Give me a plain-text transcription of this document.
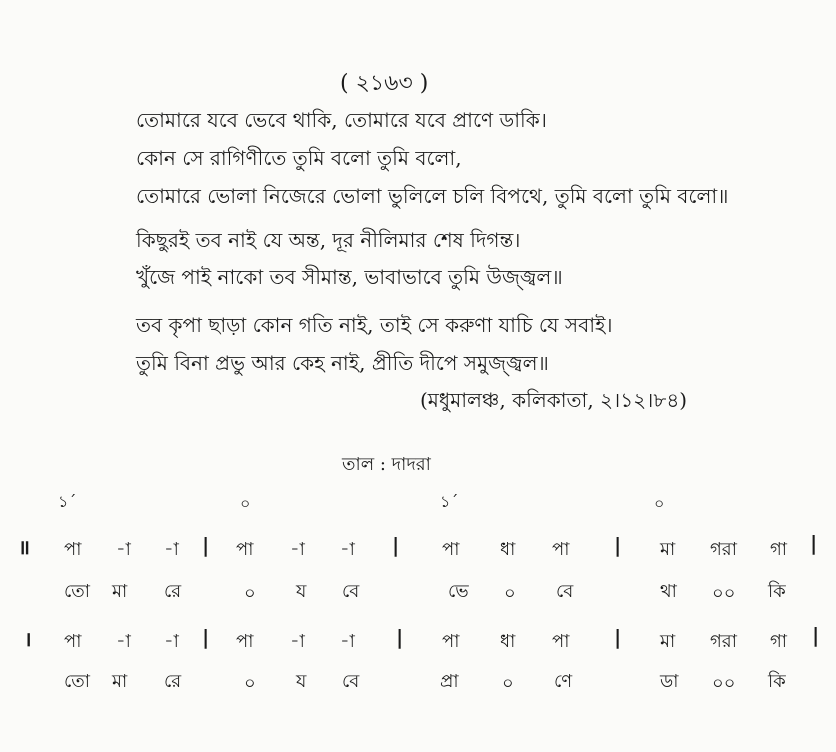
( ২১৬৩ )
তোমারে যবে ভেবে থাকি, তোমারে যবে প্রাণে ডাকি।
কোন সে রাগিণীতে তুমি বলো তুমি বলো,
তোমারে ভোলা নিজেরে ভোলা ভুলিলে চলি বিপথে, তুমি বলো তুমি বলো॥
কিছুরই তব নাই যে অন্ত, দূর নীলিমার শেষ দিগন্ত।
খুঁজে পাই নাকো তব সীমান্ত, ভাবাভাবে তুমি উজ্জ্বল॥
তব কৃপা ছাড়া কোন গতি নাই, তাই সে করুণা যাচি যে সবাই।
তুমি বিনা প্রভু আর কেহ নাই, প্রীতি দীপে সমুজ্জ্বল॥
(মধুমালঞ্চ, কলিকাতা, ২।১২।৮৪)
তাল : দাদরা
১´	০	১´	০
॥ পা -া -া | পা -া -া | পা ধা পা | মা গরা গা |
তো মা রে	০ য বে	ভে ০ বে	থা ০০ কি
। পা -া -া | পা -া -া | পা ধা পা | মা গরা গা |
তো মা রে	০ য বে	প্রা ০ ণে	ডা ০০ কি
